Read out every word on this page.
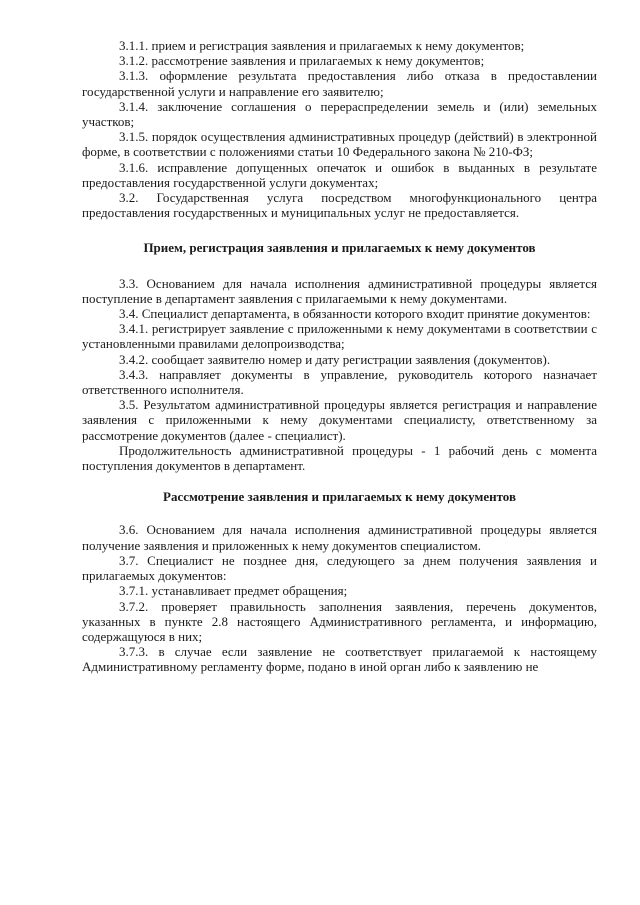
3.1.1. прием и регистрация заявления и прилагаемых к нему документов;

3.1.2. рассмотрение заявления и прилагаемых к нему документов;

3.1.3. оформление результата предоставления либо отказа в предоставлении государственной услуги и направление его заявителю;

3.1.4. заключение соглашения о перераспределении земель и (или) земельных участков;

3.1.5. порядок осуществления административных процедур (действий) в электронной форме, в соответствии с положениями статьи 10 Федерального закона № 210-ФЗ;

3.1.6. исправление допущенных опечаток и ошибок в выданных в результате предоставления государственной услуги документах;

3.2. Государственная услуга посредством многофункционального центра предоставления государственных и муниципальных услуг не предоставляется.

Прием, регистрация заявления и прилагаемых к нему документов

3.3. Основанием для начала исполнения административной процедуры является поступление в департамент заявления с прилагаемыми к нему документами.

3.4. Специалист департамента, в обязанности которого входит принятие документов:

3.4.1. регистрирует заявление с приложенными к нему документами в соответствии с установленными правилами делопроизводства;

3.4.2. сообщает заявителю номер и дату регистрации заявления (документов).

3.4.3. направляет документы в управление, руководитель которого назначает ответственного исполнителя.

3.5. Результатом административной процедуры является регистрация и направление заявления с приложенными к нему документами специалисту, ответственному за рассмотрение документов (далее - специалист).

Продолжительность административной процедуры - 1 рабочий день с момента поступления документов в департамент.

Рассмотрение заявления и прилагаемых к нему документов

3.6. Основанием для начала исполнения административной процедуры является получение заявления и приложенных к нему документов специалистом.

3.7. Специалист не позднее дня, следующего за днем получения заявления и прилагаемых документов:

3.7.1. устанавливает предмет обращения;

3.7.2. проверяет правильность заполнения заявления, перечень документов, указанных в пункте 2.8 настоящего Административного регламента, и информацию, содержащуюся в них;

3.7.3. в случае если заявление не соответствует прилагаемой к настоящему Административному регламенту форме, подано в иной орган либо к заявлению не
